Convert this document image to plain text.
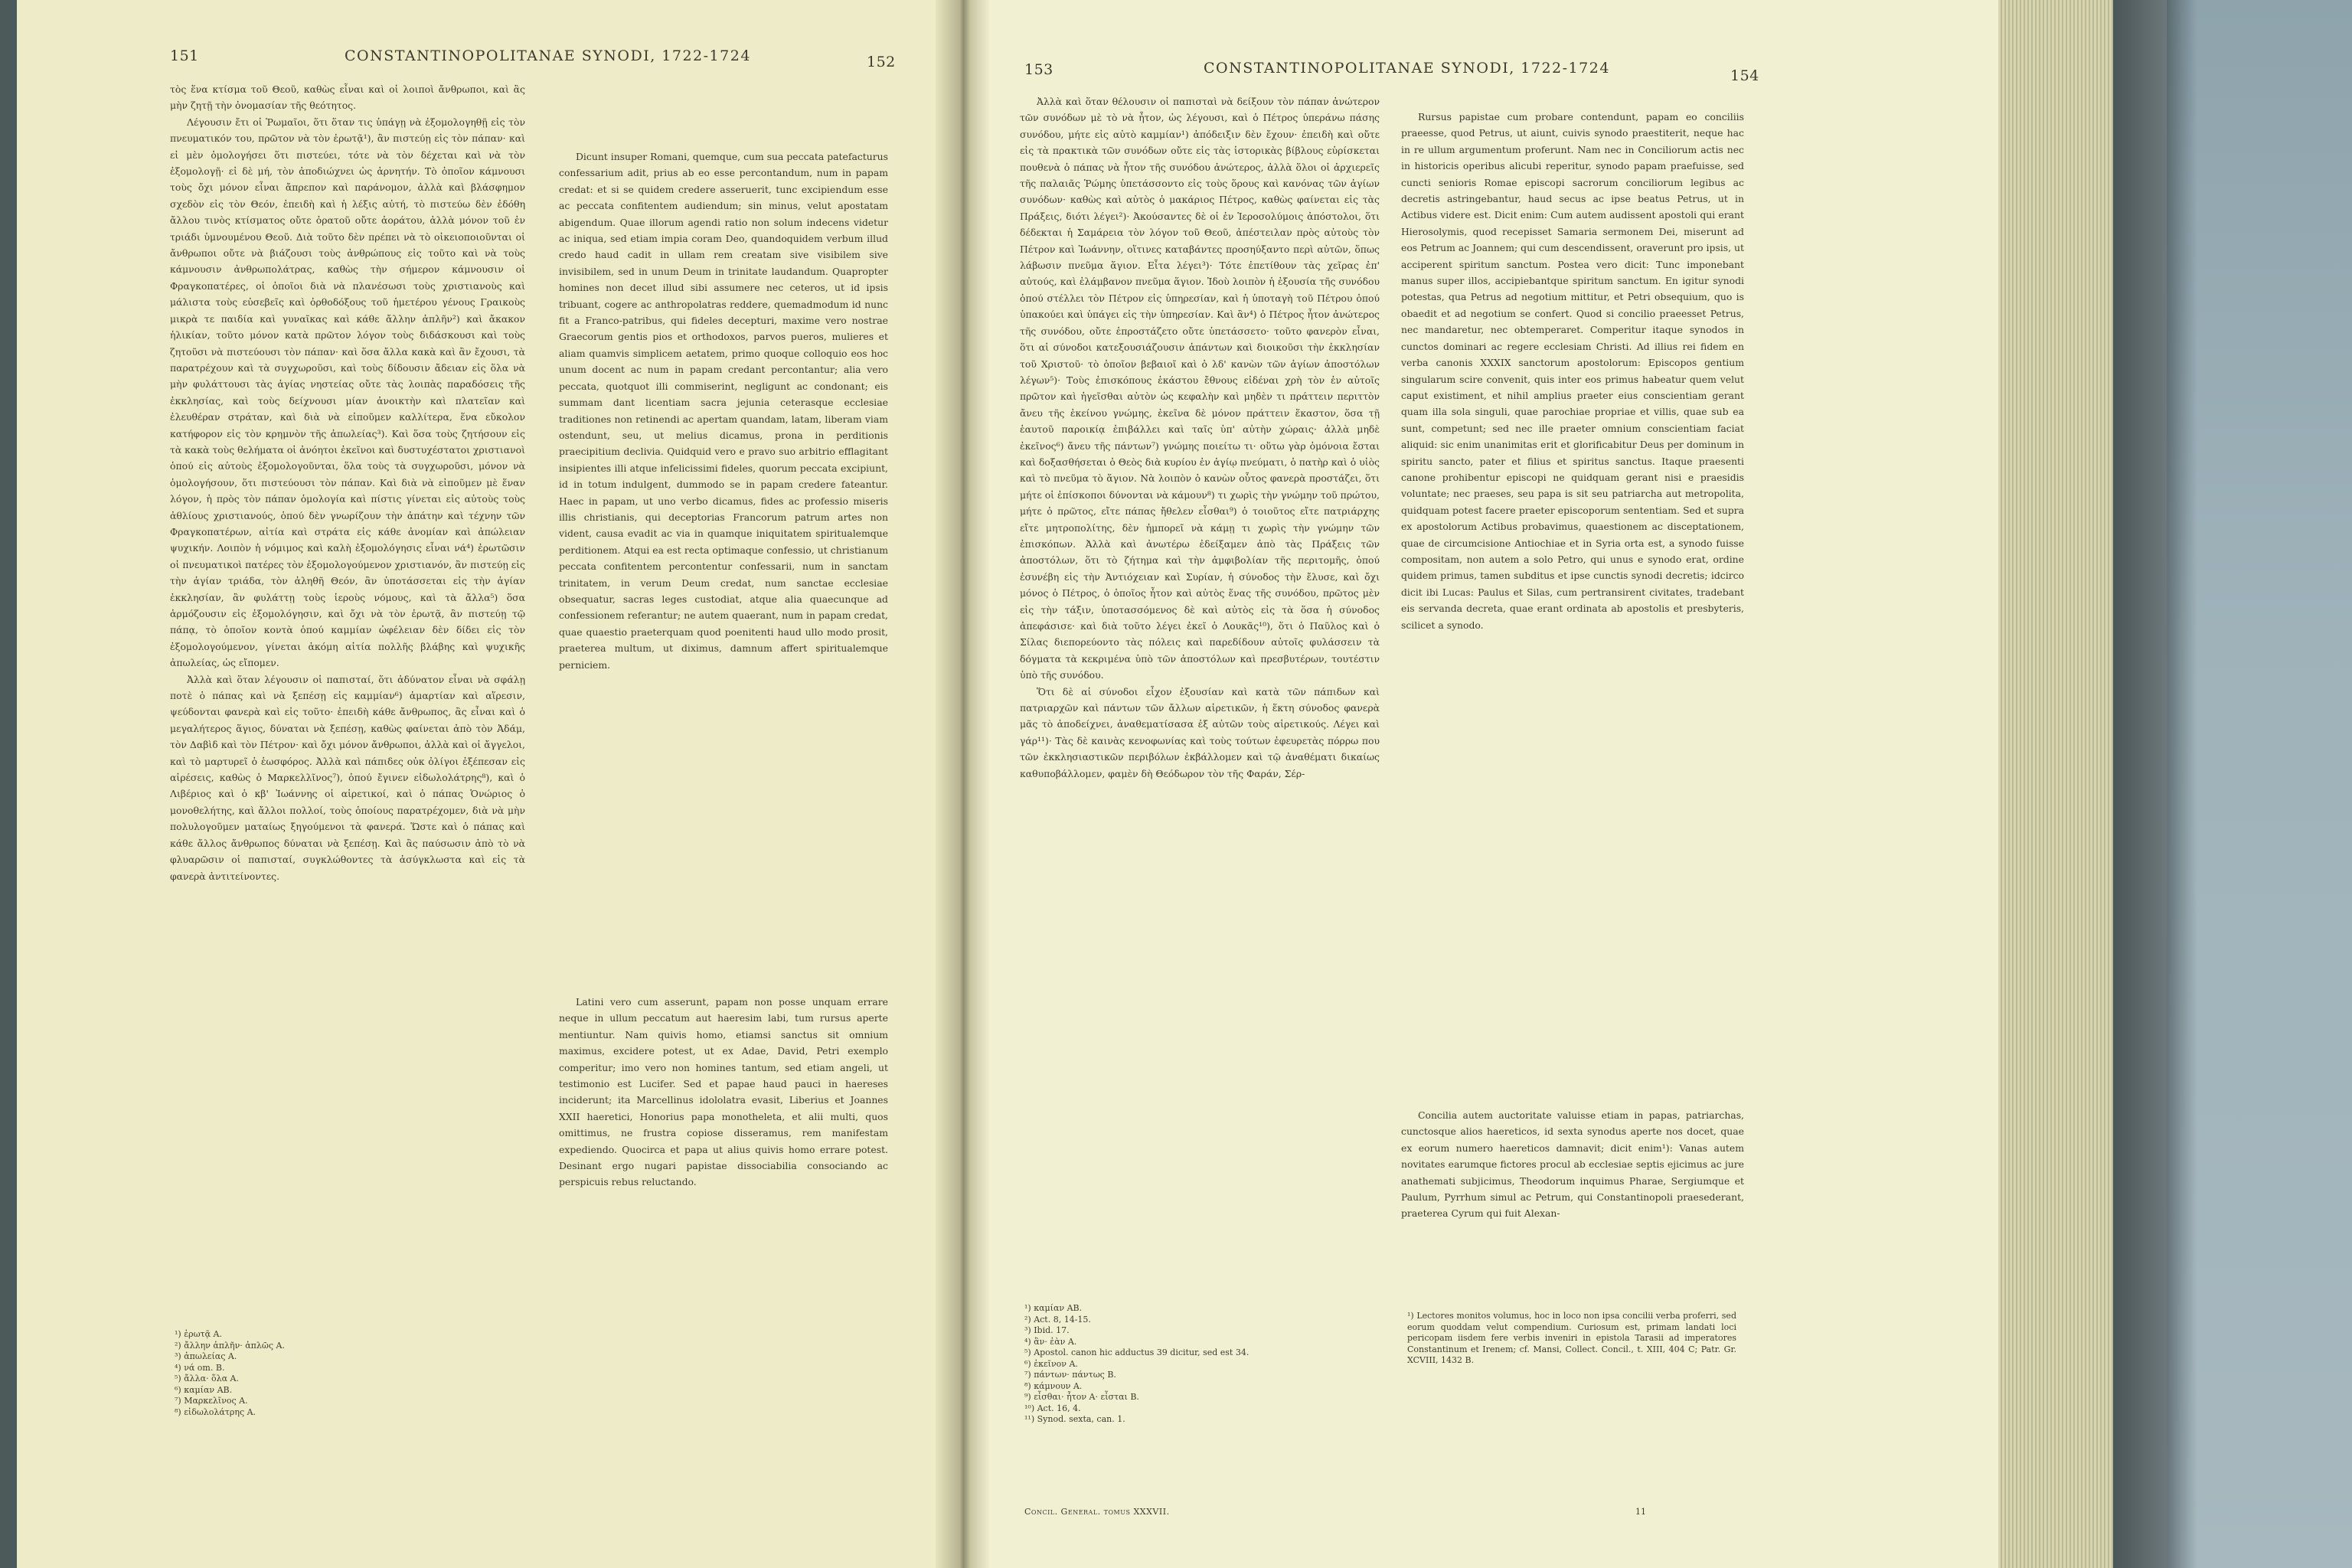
151	CONSTANTINOPOLITANAE SYNODI, 1722-1724	152

τὸς ἕνα κτίσμα τοῦ Θεοῦ, καθὼς εἶναι καὶ οἱ λοιποὶ ἄνθρωποι, καὶ ἂς μὴν ζητῇ τὴν ὀνομασίαν τῆς θεότητος.

Λέγουσιν ἔτι οἱ Ῥωμαῖοι, ὅτι ὅταν τις ὑπάγῃ νὰ ἐξομολογηθῇ εἰς τὸν πνευματικόν του, πρῶτον νὰ τὸν ἐρωτᾷ¹), ἂν πιστεύῃ εἰς τὸν πάπαν· καὶ εἰ μὲν ὁμολογήσει ὅτι πιστεύει, τότε νὰ τὸν δέχεται καὶ νὰ τὸν ἐξομολογῇ· εἰ δὲ μή, τὸν ἀποδιώχνει ὡς ἀρνητήν. Τὸ ὁποῖον κάμνουσι τοὺς ὄχι μόνον εἶναι ἄπρεπον καὶ παράνομον, ἀλλὰ καὶ βλάσφημον σχεδὸν εἰς τὸν Θεόν, ἐπειδὴ καὶ ἡ λέξις αὐτή, τὸ πιστεύω δὲν ἐδόθη ἄλλου τινὸς κτίσματος οὔτε ὁρατοῦ οὔτε ἀοράτου, ἀλλὰ μόνον τοῦ ἐν τριάδι ὑμνουμένου Θεοῦ. Διὰ τοῦτο δὲν πρέπει νὰ τὸ οἰκειοποιοῦνται οἱ ἄνθρωποι οὔτε νὰ βιάζουσι τοὺς ἀνθρώπους εἰς τοῦτο καὶ νὰ τοὺς κάμνουσιν ἀνθρωπολάτρας, καθὼς τὴν σήμερον κάμνουσιν οἱ Φραγκοπατέρες, οἱ ὁποῖοι διὰ νὰ πλανέσωσι τοὺς χριστιανοὺς καὶ μάλιστα τοὺς εὐσεβεῖς καὶ ὀρθοδόξους τοῦ ἡμετέρου γένους Γραικοὺς μικρὰ τε παιδία καὶ γυναῖκας καὶ κάθε ἄλλην ἁπλῆν²) καὶ ἄκακον ἡλικίαν, τοῦτο μόνον κατὰ πρῶτον λόγον τοὺς διδάσκουσι καὶ τοὺς ζητοῦσι νὰ πιστεύουσι τὸν πάπαν· καὶ ὅσα ἄλλα κακὰ καὶ ἂν ἔχουσι, τὰ παρατρέχουν καὶ τὰ συγχωροῦσι, καὶ τοὺς δίδουσιν ἄδειαν εἰς ὅλα νὰ μὴν φυλάττουσι τὰς ἁγίας νηστείας οὔτε τὰς λοιπὰς παραδόσεις τῆς ἐκκλησίας, καὶ τοὺς δείχνουσι μίαν ἀνοικτὴν καὶ πλατεῖαν καὶ ἐλευθέραν στράταν, καὶ διὰ νὰ εἰποῦμεν καλλίτερα, ἕνα εὔκολον κατήφορον εἰς τὸν κρημνὸν τῆς ἀπωλείας³). Καὶ ὅσα τοὺς ζητήσουν εἰς τὰ κακὰ τοὺς θελήματα οἱ ἀνόητοι ἐκεῖνοι καὶ δυστυχέστατοι χριστιανοὶ ὁπού εἰς αὐτοὺς ἐξομολογοῦνται, ὅλα τοὺς τὰ συγχωροῦσι, μόνον νὰ ὁμολογήσουν, ὅτι πιστεύουσι τὸν πάπαν. Καὶ διὰ νὰ εἰποῦμεν μὲ ἕναν λόγον, ἡ πρὸς τὸν πάπαν ὁμολογία καὶ πίστις γίνεται εἰς αὐτοὺς τοὺς ἀθλίους χριστιανούς, ὁπού δὲν γνωρίζουν τὴν ἀπάτην καὶ τέχνην τῶν Φραγκοπατέρων, αἰτία καὶ στράτα εἰς κάθε ἀνομίαν καὶ ἀπώλειαν ψυχικήν. Λοιπὸν ἡ νόμιμος καὶ καλὴ ἐξομολόγησις εἶναι νά⁴) ἐρωτῶσιν οἱ πνευματικοὶ πατέρες τὸν ἐξομολογούμενον χριστιανόν, ἂν πιστεύῃ εἰς τὴν ἁγίαν τριάδα, τὸν ἀληθῆ Θεόν, ἂν ὑποτάσσεται εἰς τὴν ἁγίαν ἐκκλησίαν, ἂν φυλάττῃ τοὺς ἱεροὺς νόμους, καὶ τὰ ἄλλα⁵) ὅσα ἁρμόζουσιν εἰς ἐξομολόγησιν, καὶ ὄχι νὰ τὸν ἐρωτᾷ, ἂν πιστεύῃ τῷ πάπᾳ, τὸ ὁποῖον κοντὰ ὁπού καμμίαν ὠφέλειαν δὲν δίδει εἰς τὸν ἐξομολογούμενον, γίνεται ἀκόμη αἰτία πολλῆς βλάβης καὶ ψυχικῆς ἀπωλείας, ὡς εἴπομεν.

Ἀλλὰ καὶ ὅταν λέγουσιν οἱ παπισταί, ὅτι ἀδύνατον εἶναι νὰ σφάλῃ ποτὲ ὁ πάπας καὶ νὰ ξεπέσῃ εἰς καμμίαν⁶) ἁμαρτίαν καὶ αἵρεσιν, ψεύδονται φανερὰ καὶ εἰς τοῦτο· ἐπειδὴ κάθε ἄνθρωπος, ἂς εἶναι καὶ ὁ μεγαλήτερος ἅγιος, δύναται νὰ ξεπέσῃ, καθὼς φαίνεται ἀπὸ τὸν Ἀδάμ, τὸν Δαβὶδ καὶ τὸν Πέτρον· καὶ ὄχι μόνον ἄνθρωποι, ἀλλὰ καὶ οἱ ἄγγελοι, καὶ τὸ μαρτυρεῖ ὁ ἑωσφόρος. Ἀλλὰ καὶ πάπιδες οὐκ ὀλίγοι ἐξέπεσαν εἰς αἱρέσεις, καθὼς ὁ Μαρκελλῖνος⁷), ὁπού ἔγινεν εἰδωλολάτρης⁸), καὶ ὁ Λιβέριος καὶ ὁ κβ' Ἰωάννης οἱ αἱρετικοί, καὶ ὁ πάπας Ὁνώριος ὁ μονοθελήτης, καὶ ἄλλοι πολλοί, τοὺς ὁποίους παρατρέχομεν, διὰ νὰ μὴν πολυλογοῦμεν ματαίως ξηγούμενοι τὰ φανερά. Ὥστε καὶ ὁ πάπας καὶ κάθε ἄλλος ἄνθρωπος δύναται νὰ ξεπέσῃ. Καὶ ἂς παύσωσιν ἀπὸ τὸ νὰ φλυαρῶσιν οἱ παπισταί, συγκλώθοντες τὰ ἀσύγκλωστα καὶ εἰς τὰ φανερὰ ἀντιτείνοντες.

Dicunt insuper Romani, quemque, cum sua peccata patefacturus confessarium adit, prius ab eo esse percontandum, num in papam credat: et si se quidem credere asseruerit, tunc excipiendum esse ac peccata confitentem audiendum; sin minus, velut apostatam abigendum. Quae illorum agendi ratio non solum indecens videtur ac iniqua, sed etiam impia coram Deo, quandoquidem verbum illud credo haud cadit in ullam rem creatam sive visibilem sive invisibilem, sed in unum Deum in trinitate laudandum. Quapropter homines non decet illud sibi assumere nec ceteros, ut id ipsis tribuant, cogere ac anthropolatras reddere, quemadmodum id nunc fit a Franco-patribus, qui fideles decepturi, maxime vero nostrae Graecorum gentis pios et orthodoxos, parvos pueros, mulieres et aliam quamvis simplicem aetatem, primo quoque colloquio eos hoc unum docent ac num in papam credant percontantur; alia vero peccata, quotquot illi commiserint, negligunt ac condonant; eis summam dant licentiam sacra jejunia ceterasque ecclesiae traditiones non retinendi ac apertam quandam, latam, liberam viam ostendunt, seu, ut melius dicamus, prona in perditionis praecipitium declivia. Quidquid vero e pravo suo arbitrio efflagitant insipientes illi atque infelicissimi fideles, quorum peccata excipiunt, id in totum indulgent, dummodo se in papam credere fateantur. Haec in papam, ut uno verbo dicamus, fides ac professio miseris illis christianis, qui deceptorias Francorum patrum artes non vident, causa evadit ac via in quamque iniquitatem spiritualemque perditionem. Atqui ea est recta optimaque confessio, ut christianum peccata confitentem percontentur confessarii, num in sanctam trinitatem, in verum Deum credat, num sanctae ecclesiae obsequatur, sacras leges custodiat, atque alia quaecunque ad confessionem referantur; ne autem quaerant, num in papam credat, quae quaestio praeterquam quod poenitenti haud ullo modo prosit, praeterea multum, ut diximus, damnum affert spiritualemque perniciem.

Latini vero cum asserunt, papam non posse unquam errare neque in ullum peccatum aut haeresim labi, tum rursus aperte mentiuntur. Nam quivis homo, etiamsi sanctus sit omnium maximus, excidere potest, ut ex Adae, David, Petri exemplo comperitur; imo vero non homines tantum, sed etiam angeli, ut testimonio est Lucifer. Sed et papae haud pauci in haereses inciderunt; ita Marcellinus idololatra evasit, Liberius et Joannes XXII haeretici, Honorius papa monotheleta, et alii multi, quos omittimus, ne frustra copiose disseramus, rem manifestam expediendo. Quocirca et papa ut alius quivis homo errare potest. Desinant ergo nugari papistae dissociabilia consociando ac perspicuis rebus reluctando.

¹) ἐρωτᾷ A.
²) ἄλλην ἁπλῆν· ἁπλῶς A.
³) ἀπωλείας A.
⁴) νά om. B.
⁵) ἄλλα· ὅλα A.
⁶) καμίαν AB.
⁷) Μαρκελῖνος A.
⁸) εἰδωλολάτρης A.
153	CONSTANTINOPOLITANAE SYNODI, 1722-1724	154

Ἀλλὰ καὶ ὅταν θέλουσιν οἱ παπισταὶ νὰ δείξουν τὸν πάπαν ἀνώτερον τῶν συνόδων μὲ τὸ νὰ ἦτον, ὡς λέγουσι, καὶ ὁ Πέτρος ὑπεράνω πάσης συνόδου, μήτε εἰς αὐτὸ καμμίαν¹) ἀπόδειξιν δὲν ἔχουν· ἐπειδὴ καὶ οὔτε εἰς τὰ πρακτικὰ τῶν συνόδων οὔτε εἰς τὰς ἱστορικὰς βίβλους εὑρίσκεται πουθενὰ ὁ πάπας νὰ ἦτον τῆς συνόδου ἀνώτερος, ἀλλὰ ὅλοι οἱ ἀρχιερεῖς τῆς παλαιᾶς Ῥώμης ὑπετάσσοντο εἰς τοὺς ὅρους καὶ κανόνας τῶν ἁγίων συνόδων· καθὼς καὶ αὐτὸς ὁ μακάριος Πέτρος, καθὼς φαίνεται εἰς τὰς Πράξεις, διότι λέγει²)· Ἀκούσαντες δὲ οἱ ἐν Ἱεροσολύμοις ἀπόστολοι, ὅτι δέδεκται ἡ Σαμάρεια τὸν λόγον τοῦ Θεοῦ, ἀπέστειλαν πρὸς αὐτοὺς τὸν Πέτρον καὶ Ἰωάννην, οἵτινες καταβάντες προσηύξαντο περὶ αὐτῶν, ὅπως λάβωσιν πνεῦμα ἅγιον. Εἶτα λέγει³)· Τότε ἐπετίθουν τὰς χεῖρας ἐπ' αὐτούς, καὶ ἐλάμβανον πνεῦμα ἅγιον. Ἰδοὺ λοιπὸν ἡ ἐξουσία τῆς συνόδου ὁπού στέλλει τὸν Πέτρον εἰς ὑπηρεσίαν, καὶ ἡ ὑποταγὴ τοῦ Πέτρου ὁπού ὑπακούει καὶ ὑπάγει εἰς τὴν ὑπηρεσίαν. Καὶ ἂν⁴) ὁ Πέτρος ἦτον ἀνώτερος τῆς συνόδου, οὔτε ἐπροστάζετο οὔτε ὑπετάσσετο· τοῦτο φανερὸν εἶναι, ὅτι αἱ σύνοδοι κατεξουσιάζουσιν ἁπάντων καὶ διοικοῦσι τὴν ἐκκλησίαν τοῦ Χριστοῦ· τὸ ὁποῖον βεβαιοῖ καὶ ὁ λδ' κανὼν τῶν ἁγίων ἀποστόλων λέγων⁵)· Τοὺς ἐπισκόπους ἑκάστου ἔθνους εἰδέναι χρὴ τὸν ἐν αὐτοῖς πρῶτον καὶ ἡγεῖσθαι αὐτὸν ὡς κεφαλὴν καὶ μηδὲν τι πράττειν περιττὸν ἄνευ τῆς ἐκείνου γνώμης, ἐκεῖνα δὲ μόνον πράττειν ἕκαστον, ὅσα τῇ ἑαυτοῦ παροικίᾳ ἐπιβάλλει καὶ ταῖς ὑπ' αὐτὴν χώραις· ἀλλὰ μηδὲ ἐκεῖνος⁶) ἄνευ τῆς πάντων⁷) γνώμης ποιείτω τι· οὕτω γὰρ ὁμόνοια ἔσται καὶ δοξασθήσεται ὁ Θεὸς διὰ κυρίου ἐν ἁγίῳ πνεύματι, ὁ πατὴρ καὶ ὁ υἱὸς καὶ τὸ πνεῦμα τὸ ἅγιον. Νὰ λοιπὸν ὁ κανὼν οὗτος φανερὰ προστάζει, ὅτι μήτε οἱ ἐπίσκοποι δύνονται νὰ κάμουν⁸) τι χωρὶς τὴν γνώμην τοῦ πρώτου, μήτε ὁ πρῶτος, εἴτε πάπας ἤθελεν εἶσθαι⁹) ὁ τοιοῦτος εἴτε πατριάρχης εἴτε μητροπολίτης, δὲν ἠμπορεῖ νὰ κάμῃ τι χωρὶς τὴν γνώμην τῶν ἐπισκόπων. Ἀλλὰ καὶ ἀνωτέρω ἐδείξαμεν ἀπὸ τὰς Πράξεις τῶν ἀποστόλων, ὅτι τὸ ζήτημα καὶ τὴν ἀμφιβολίαν τῆς περιτομῆς, ὁπού ἐσυνέβη εἰς τὴν Ἀντιόχειαν καὶ Συρίαν, ἡ σύνοδος τὴν ἔλυσε, καὶ ὄχι μόνος ὁ Πέτρος, ὁ ὁποῖος ἦτον καὶ αὐτὸς ἕνας τῆς συνόδου, πρῶτος μὲν εἰς τὴν τάξιν, ὑποτασσόμενος δὲ καὶ αὐτὸς εἰς τὰ ὅσα ἡ σύνοδος ἀπεφάσισε· καὶ διὰ τοῦτο λέγει ἐκεῖ ὁ Λουκᾶς¹⁰), ὅτι ὁ Παῦλος καὶ ὁ Σίλας διεπορεύοντο τὰς πόλεις καὶ παρεδίδουν αὐτοῖς φυλάσσειν τὰ δόγματα τὰ κεκριμένα ὑπὸ τῶν ἀποστόλων καὶ πρεσβυτέρων, τουτέστιν ὑπὸ τῆς συνόδου.

Ὅτι δὲ αἱ σύνοδοι εἶχον ἐξουσίαν καὶ κατὰ τῶν πάπιδων καὶ πατριαρχῶν καὶ πάντων τῶν ἄλλων αἱρετικῶν, ἡ ἕκτη σύνοδος φανερὰ μᾶς τὸ ἀποδείχνει, ἀναθεματίσασα ἐξ αὐτῶν τοὺς αἱρετικούς. Λέγει καὶ γάρ¹¹)· Τὰς δὲ καινὰς κενοφωνίας καὶ τοὺς τούτων ἐφευρετὰς πόρρω που τῶν ἐκκλησιαστικῶν περιβόλων ἐκβάλλομεν καὶ τῷ ἀναθέματι δικαίως καθυποβάλλομεν, φαμὲν δὴ Θεόδωρον τὸν τῆς Φαράν, Σέρ-

Rursus papistae cum probare contendunt, papam eo conciliis praeesse, quod Petrus, ut aiunt, cuivis synodo praestiterit, neque hac in re ullum argumentum proferunt. Nam nec in Conciliorum actis nec in historicis operibus alicubi reperitur, synodo papam praefuisse, sed cuncti senioris Romae episcopi sacrorum conciliorum legibus ac decretis astringebantur, haud secus ac ipse beatus Petrus, ut in Actibus videre est. Dicit enim: Cum autem audissent apostoli qui erant Hierosolymis, quod recepisset Samaria sermonem Dei, miserunt ad eos Petrum ac Joannem; qui cum descendissent, oraverunt pro ipsis, ut acciperent spiritum sanctum. Postea vero dicit: Tunc imponebant manus super illos, accipiebantque spiritum sanctum. En igitur synodi potestas, qua Petrus ad negotium mittitur, et Petri obsequium, quo is obaedit et ad negotium se confert. Quod si concilio praeesset Petrus, nec mandaretur, nec obtemperaret. Comperitur itaque synodos in cunctos dominari ac regere ecclesiam Christi. Ad illius rei fidem en verba canonis XXXIX sanctorum apostolorum: Episcopos gentium singularum scire convenit, quis inter eos primus habeatur quem velut caput existiment, et nihil amplius praeter eius conscientiam gerant quam illa sola singuli, quae parochiae propriae et villis, quae sub ea sunt, competunt; sed nec ille praeter omnium conscientiam faciat aliquid: sic enim unanimitas erit et glorificabitur Deus per dominum in spiritu sancto, pater et filius et spiritus sanctus. Itaque praesenti canone prohibentur episcopi ne quidquam gerant nisi e praesidis voluntate; nec praeses, seu papa is sit seu patriarcha aut metropolita, quidquam potest facere praeter episcoporum sententiam. Sed et supra ex apostolorum Actibus probavimus, quaestionem ac disceptationem, quae de circumcisione Antiochiae et in Syria orta est, a synodo fuisse compositam, non autem a solo Petro, qui unus e synodo erat, ordine quidem primus, tamen subditus et ipse cunctis synodi decretis; idcirco dicit ibi Lucas: Paulus et Silas, cum pertransirent civitates, tradebant eis servanda decreta, quae erant ordinata ab apostolis et presbyteris, scilicet a synodo.

Concilia autem auctoritate valuisse etiam in papas, patriarchas, cunctosque alios haereticos, id sexta synodus aperte nos docet, quae ex eorum numero haereticos damnavit; dicit enim¹): Vanas autem novitates earumque fictores procul ab ecclesiae septis ejicimus ac jure anathemati subjicimus, Theodorum inquimus Pharae, Sergiumque et Paulum, Pyrrhum simul ac Petrum, qui Constantinopoli praesederant, praeterea Cyrum qui fuit Alexan-

¹) καμίαν AB.
²) Act. 8, 14-15.
³) Ibid. 17.
⁴) ἂν· ἐὰν A.
⁵) Apostol. canon hic adductus 39 dicitur, sed est 34.
⁶) ἐκεῖνον A.
⁷) πάντων· πάντως B.
⁸) κάμνουν A.
⁹) εἶσθαι· ἦτον A· εἶσται B.
¹⁰) Act. 16, 4.
¹¹) Synod. sexta, can. 1.
¹) Lectores monitos volumus, hoc in loco non ipsa concilii verba proferri, sed eorum quoddam velut compendium. Curiosum est, primam landati loci pericopam iisdem fere verbis inveniri in epistola Tarasii ad imperatores Constantinum et Irenem; cf. Mansi, Collect. Concil., t. XIII, 404 C; Patr. Gr. XCVIII, 1432 B.
Concil. General. tomus XXXVII.	11
